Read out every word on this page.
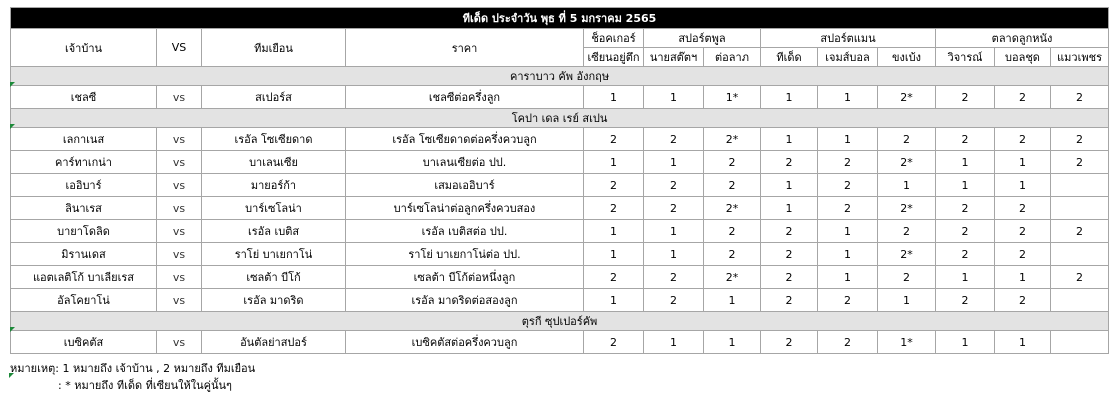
ทีเด็ด ประจำวัน พุธ ที่ 5 มกราคม 2565												
เจ้าบ้าน	VS	ทีมเยือน	ราคา	ช็อคเกอร์	สปอร์ตพูล		สปอร์ตแมน			ตลาดลูกหนัง		
				เซียนอยู่ตึก	นายสต๊ตฯ	ต่อลาภ	ทีเด็ด	เจมส์บอล	ขงเบ้ง	วิจารณ์	บอลชุด	แมวเพชร
คาราบาว คัพ อังกฤษ												
เชลซี	vs	สเปอร์ส	เชลซีต่อครึ่งลูก	1	1	1*	1	1	2*	2	2	2
โคปา เดล เรย์ สเปน												
เลกาเนส	vs	เรอัล โซเซียดาด	เรอัล โซเซียดาดต่อครึ่งควบลูก	2	2	2*	1	1	2	2	2	2
คาร์ทาเกน่า	vs	บาเลนเซีย	บาเลนเซียต่อ ปป.	1	1	2	2	2	2*	1	1	2
เออิบาร์	vs	มายอร์ก้า	เสมอเออิบาร์	2	2	2	1	2	1	1	1	
ลินาเรส	vs	บาร์เซโลน่า	บาร์เซโลน่าต่อลูกครึ่งควบสอง	2	2	2*	1	2	2*	2	2	
บายาโดลิด	vs	เรอัล เบติส	เรอัล เบติสต่อ ปป.	1	1	2	2	1	2	2	2	2
มิรานเดส	vs	ราโย่ บาเยกาโน่	ราโย่ บาเยกาโน่ต่อ ปป.	1	1	2	2	1	2*	2	2	
แอตเลติโก้ บาเลียเรส	vs	เซลต้า บีโก้	เซลต้า บีโก้ต่อหนึ่งลูก	2	2	2*	2	1	2	1	1	2
อัลโคยาโน่	vs	เรอัล มาดริด	เรอัล มาดริดต่อสองลูก	1	2	1	2	2	1	2	2	
ตุรกี ซุปเปอร์คัพ												
เบซิคตัส	vs	อันตัลย่าสปอร์	เบซิคตัสต่อครึ่งควบลูก	2	1	1	2	2	1*	1	1	
หมายเหตุ: 1 หมายถึง เจ้าบ้าน , 2 หมายถึง ทีมเยือน
: * หมายถึง ทีเด็ด ที่เซียนให้ในคู่นั้นๆ
